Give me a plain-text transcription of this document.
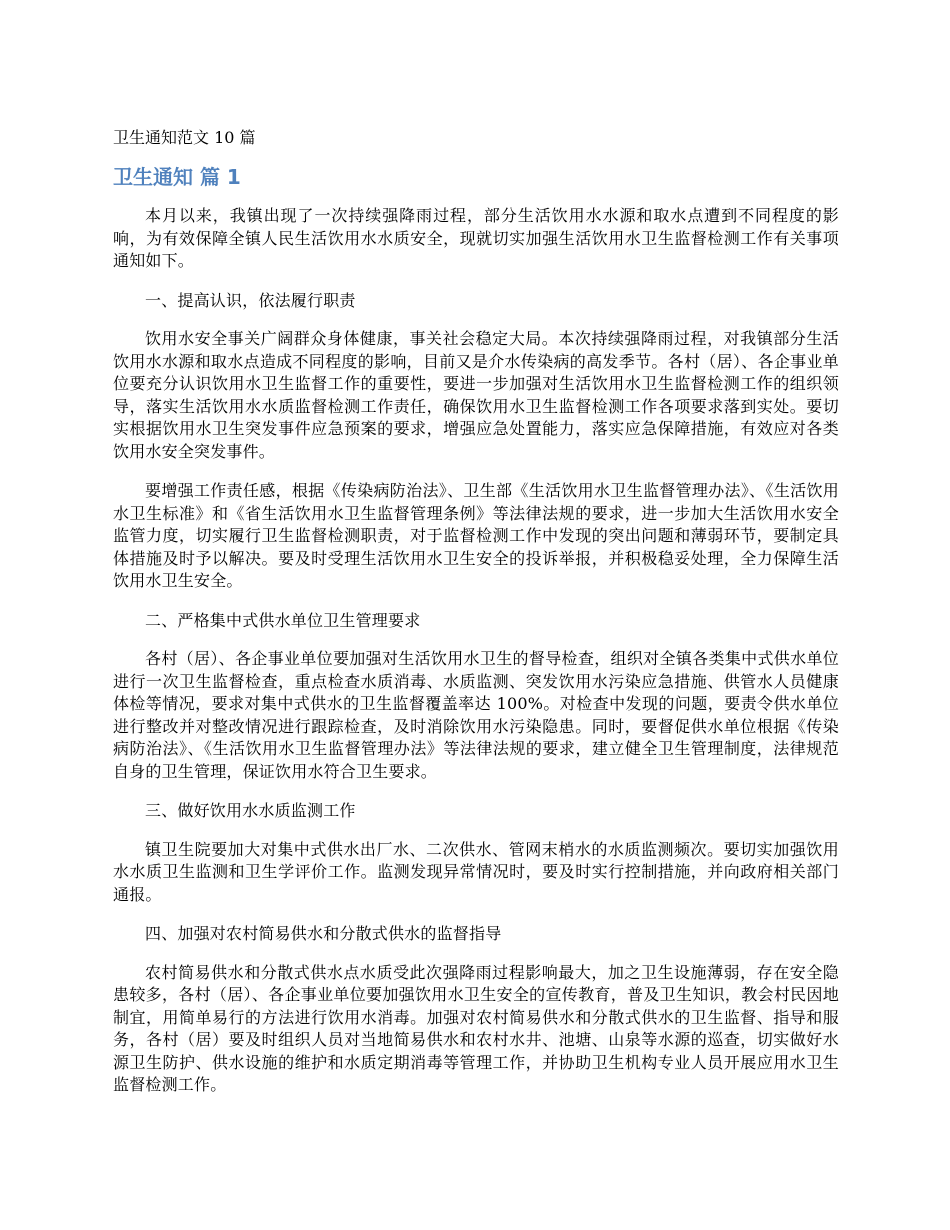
卫生通知范文 10 篇
卫生通知 篇 1

本月以来，我镇出现了一次持续强降雨过程，部分生活饮用水水源和取水点遭到不同程度的影响，为有效保障全镇人民生活饮用水水质安全，现就切实加强生活饮用水卫生监督检测工作有关事项通知如下。

一、提高认识，依法履行职责

饮用水安全事关广阔群众身体健康，事关社会稳定大局。本次持续强降雨过程，对我镇部分生活饮用水水源和取水点造成不同程度的影响，目前又是介水传染病的高发季节。各村（居）、各企事业单位要充分认识饮用水卫生监督工作的重要性，要进一步加强对生活饮用水卫生监督检测工作的组织领导，落实生活饮用水水质监督检测工作责任，确保饮用水卫生监督检测工作各项要求落到实处。要切实根据饮用水卫生突发事件应急预案的要求，增强应急处置能力，落实应急保障措施，有效应对各类饮用水安全突发事件。

要增强工作责任感，根据《传染病防治法》、卫生部《生活饮用水卫生监督管理办法》、《生活饮用水卫生标准》和《省生活饮用水卫生监督管理条例》等法律法规的要求，进一步加大生活饮用水安全监管力度，切实履行卫生监督检测职责，对于监督检测工作中发现的突出问题和薄弱环节，要制定具体措施及时予以解决。要及时受理生活饮用水卫生安全的投诉举报，并积极稳妥处理，全力保障生活饮用水卫生安全。

二、严格集中式供水单位卫生管理要求

各村（居）、各企事业单位要加强对生活饮用水卫生的督导检查，组织对全镇各类集中式供水单位进行一次卫生监督检查，重点检查水质消毒、水质监测、突发饮用水污染应急措施、供管水人员健康体检等情况，要求对集中式供水的卫生监督覆盖率达 100%。对检查中发现的问题，要责令供水单位进行整改并对整改情况进行跟踪检查，及时消除饮用水污染隐患。同时，要督促供水单位根据《传染病防治法》、《生活饮用水卫生监督管理办法》等法律法规的要求，建立健全卫生管理制度，法律规范自身的卫生管理，保证饮用水符合卫生要求。

三、做好饮用水水质监测工作

镇卫生院要加大对集中式供水出厂水、二次供水、管网末梢水的水质监测频次。要切实加强饮用水水质卫生监测和卫生学评价工作。监测发现异常情况时，要及时实行控制措施，并向政府相关部门通报。

四、加强对农村简易供水和分散式供水的监督指导

农村简易供水和分散式供水点水质受此次强降雨过程影响最大，加之卫生设施薄弱，存在安全隐患较多，各村（居）、各企事业单位要加强饮用水卫生安全的宣传教育，普及卫生知识，教会村民因地制宜，用简单易行的方法进行饮用水消毒。加强对农村简易供水和分散式供水的卫生监督、指导和服务，各村（居）要及时组织人员对当地简易供水和农村水井、池塘、山泉等水源的巡查，切实做好水源卫生防护、供水设施的维护和水质定期消毒等管理工作，并协助卫生机构专业人员开展应用水卫生监督检测工作。
